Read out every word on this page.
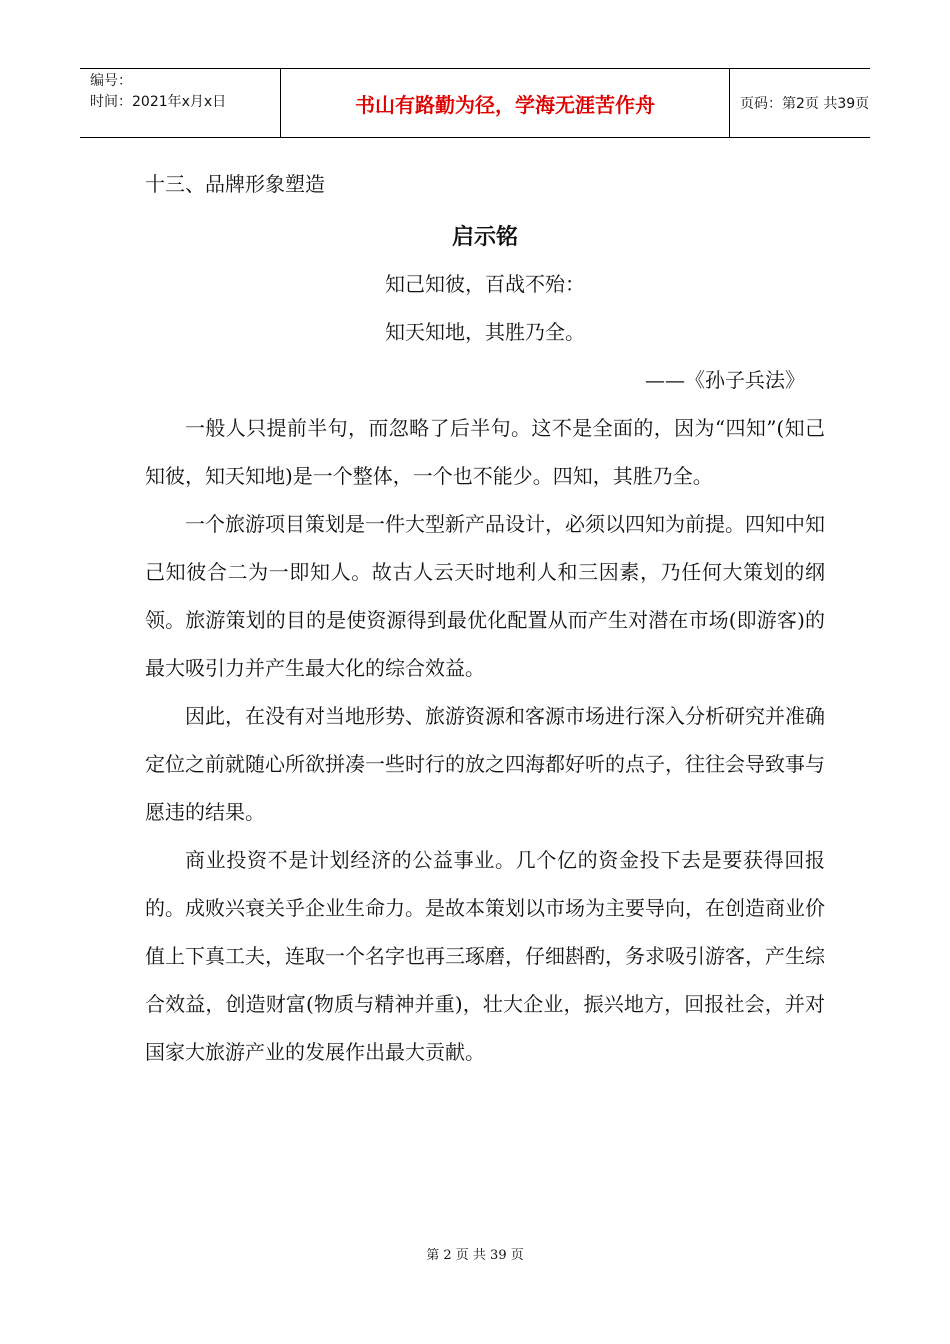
编号：
时间：2021年x月x日	书山有路勤为径，学海无涯苦作舟	页码：第2页 共39页

十三、品牌形象塑造

启示铭

知己知彼，百战不殆：

知天知地，其胜乃全。

——《孙子兵法》

一般人只提前半句，而忽略了后半句。这不是全面的，因为“四知”(知己知彼，知天知地)是一个整体，一个也不能少。四知，其胜乃全。

一个旅游项目策划是一件大型新产品设计，必须以四知为前提。四知中知己知彼合二为一即知人。故古人云天时地利人和三因素，乃任何大策划的纲领。旅游策划的目的是使资源得到最优化配置从而产生对潜在市场(即游客)的最大吸引力并产生最大化的综合效益。

因此，在没有对当地形势、旅游资源和客源市场进行深入分析研究并准确定位之前就随心所欲拼凑一些时行的放之四海都好听的点子，往往会导致事与愿违的结果。

商业投资不是计划经济的公益事业。几个亿的资金投下去是要获得回报的。成败兴衰关乎企业生命力。是故本策划以市场为主要导向，在创造商业价值上下真工夫，连取一个名字也再三琢磨，仔细斟酌，务求吸引游客，产生综合效益，创造财富(物质与精神并重)，壮大企业，振兴地方，回报社会，并对国家大旅游产业的发展作出最大贡献。

第 2 页 共 39 页
